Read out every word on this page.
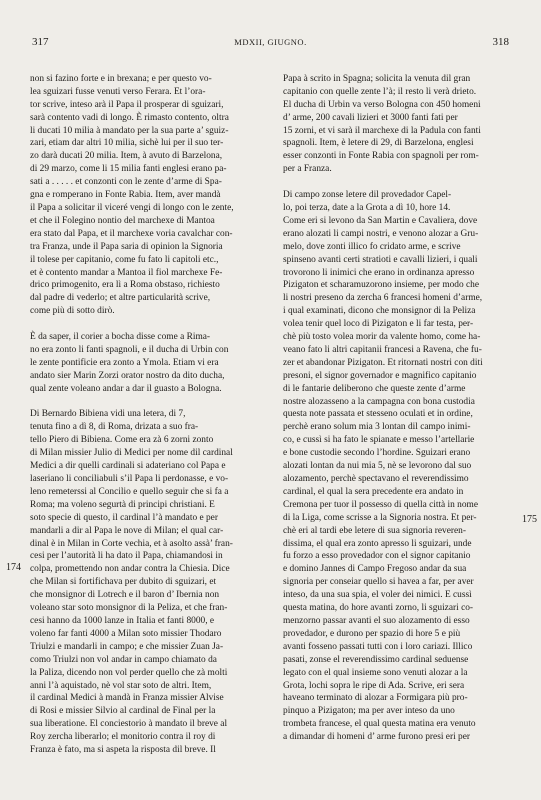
317	MDXII, GIUGNO.	318

non si fazino forte e in brexana; e per questo vo-
lea sguizari fusse venuti verso Ferara. Et l’ora-
tor scrive, inteso arà il Papa il prosperar di sguizari,
sarà contento vadi di longo. È rimasto contento, oltra
li ducati 10 milia à mandato per la sua parte a’ sguiz-
zari, etiam dar altri 10 milia, sichè lui per il suo ter-
zo darà ducati 20 milia. Item, à avuto di Barzelona,
di 29 marzo, come li 15 milia fanti englesi erano pa-
sati a . . . . . et conzonti con le zente d’arme di Spa-
gna e romperano in Fonte Rabia. Item, aver mandà
il Papa a solicitar il viceré vengi di longo con le zente,
et che il Folegino nontio del marchexe di Mantoa
era stato dal Papa, et il marchexe voria cavalchar con-
tra Franza, unde il Papa saria di opinion la Signoria
il tolese per capitanio, come fu fato li capitoli etc.,
et è contento mandar a Mantoa il fiol marchexe Fe-
drico primogenito, era lì a Roma obstaso, richiesto
dal padre di vederlo; et altre particularità scrive,
come più di sotto dirò.

È da saper, il corier a bocha disse come a Rima-
no era zonto li fanti spagnoli, e il ducha di Urbin con
le zente pontificie era zonto a Ymola. Etiam vi era
andato sier Marin Zorzi orator nostro da dito ducha,
qual zente voleano andar a dar il guasto a Bologna.

Di Bernardo Bibiena vidi una letera, di 7,
tenuta fino a dì 8, di Roma, drizata a suo fra-
tello Piero di Bibiena. Come era zà 6 zorni zonto
di Milan missier Julio di Medici per nome dil cardinal
Medici a dir quelli cardinali si adateriano col Papa e
laseriano li conciliabuli s’il Papa li perdonasse, e vo-
leno remeterssi al Concilio e quello seguir che si fa a
Roma; ma voleno segurtà di principi christiani. E
soto specie di questo, il cardinal l’à mandato e per
mandarli a dir al Papa le nove di Milan; el qual car-
dinal è in Milan in Corte vechia, et à asolto assà’ fran-
cesi per l’autorità li ha dato il Papa, chiamandosi in
colpa, promettendo non andar contra la Chiesia. Dice
che Milan si fortifichava per dubito di sguizari, et
che monsignor di Lotrech e il baron d’ Ibernia non
voleano star soto monsignor di la Peliza, et che fran-
cesi hanno da 1000 lanze in Italia et fanti 8000, e
voleno far fanti 4000 a Milan soto missier Thodaro
Triulzi e mandarli in campo; e che missier Zuan Ja-
como Triulzi non vol andar in campo chiamato da
la Paliza, dicendo non vol perder quello che zà molti
anni l’à aquistado, nè vol star soto de altri. Item,
il cardinal Medici à mandà in Franza missier Alvise
di Rosi e missier Silvio al cardinal de Final per la
sua liberatione. El conciestorio à mandato il breve al
Roy zercha liberarlo; el monitorio contra il roy di
Franza è fato, ma si aspeta la risposta dil breve. Il

Papa à scrito in Spagna; solicita la venuta dil gran
capitanio con quelle zente l’à; il resto li verà drieto.
El ducha di Urbin va verso Bologna con 450 homeni
d’ arme, 200 cavali lizieri et 3000 fanti fati per
15 zorni, et vi sarà il marchexe di la Padula con fanti
spagnoli. Item, è letere di 29, di Barzelona, englesi
esser conzonti in Fonte Rabia con spagnoli per rom-
per a Franza.

Di campo zonse letere dil provedador Capel-
lo, poi terza, date a la Grota a dì 10, hore 14.
Come eri si levono da San Martin e Cavaliera, dove
erano alozati li campi nostri, e venono alozar a Gru-
melo, dove zonti illico fo cridato arme, e scrive
spinseno avanti certi stratioti e cavalli lizieri, i quali
trovorono li inimici che erano in ordinanza apresso
Pizigaton et scharamuzorono insieme, per modo che
li nostri preseno da zercha 6 francesi homeni d’arme,
i qual examinati, dicono che monsignor di la Peliza
volea tenir quel loco di Pizigaton e li far testa, per-
chè più tosto volea morir da valente homo, come ha-
veano fato li altri capitanii francesi a Ravena, che fu-
zer et abandonar Pizigaton. Et ritornati nostri con diti
presoni, el signor governador e magnifico capitanio
di le fantarie deliberono che queste zente d’arme
nostre alozasseno a la campagna con bona custodia
questa note passata et stesseno oculati et in ordine,
perchè erano solum mia 3 lontan dil campo inimi-
co, e cussì si ha fato le spianate e messo l’artellarie
e bone custodie secondo l’hordine. Sguizari erano
alozati lontan da nui mia 5, nè se levorono dal suo
alozamento, perchè spectavano el reverendissimo
cardinal, el qual la sera precedente era andato in
Cremona per tuor il possesso di quella città in nome
di la Liga, come scrisse a la Signoria nostra. Et per-
chè eri al tardi ebe letere di sua signoria reveren-
dissima, el qual era zonto apresso li sguizari, unde
fu forzo a esso provedador con el signor capitanio
e domino Jannes di Campo Fregoso andar da sua
signoria per conseiar quello si havea a far, per aver
inteso, da una sua spia, el voler dei nimici. E cussì
questa matina, do hore avanti zorno, li sguizari co-
menzorno passar avanti el suo alozamento di esso
provedador, e durono per spazio di hore 5 e più
avanti fosseno passati tutti con i loro cariazi. Illico
pasati, zonse el reverendissimo cardinal seduense
legato con el qual insieme sono venuti alozar a la
Grota, lochi sopra le ripe di Ada. Scrive, eri sera
haveano terminato di alozar a Formigara più pro-
pinquo a Pizigaton; ma per aver inteso da uno
trombeta francese, el qual questa matina era venuto
a dimandar di homeni d’ arme furono presi eri per

174
175
